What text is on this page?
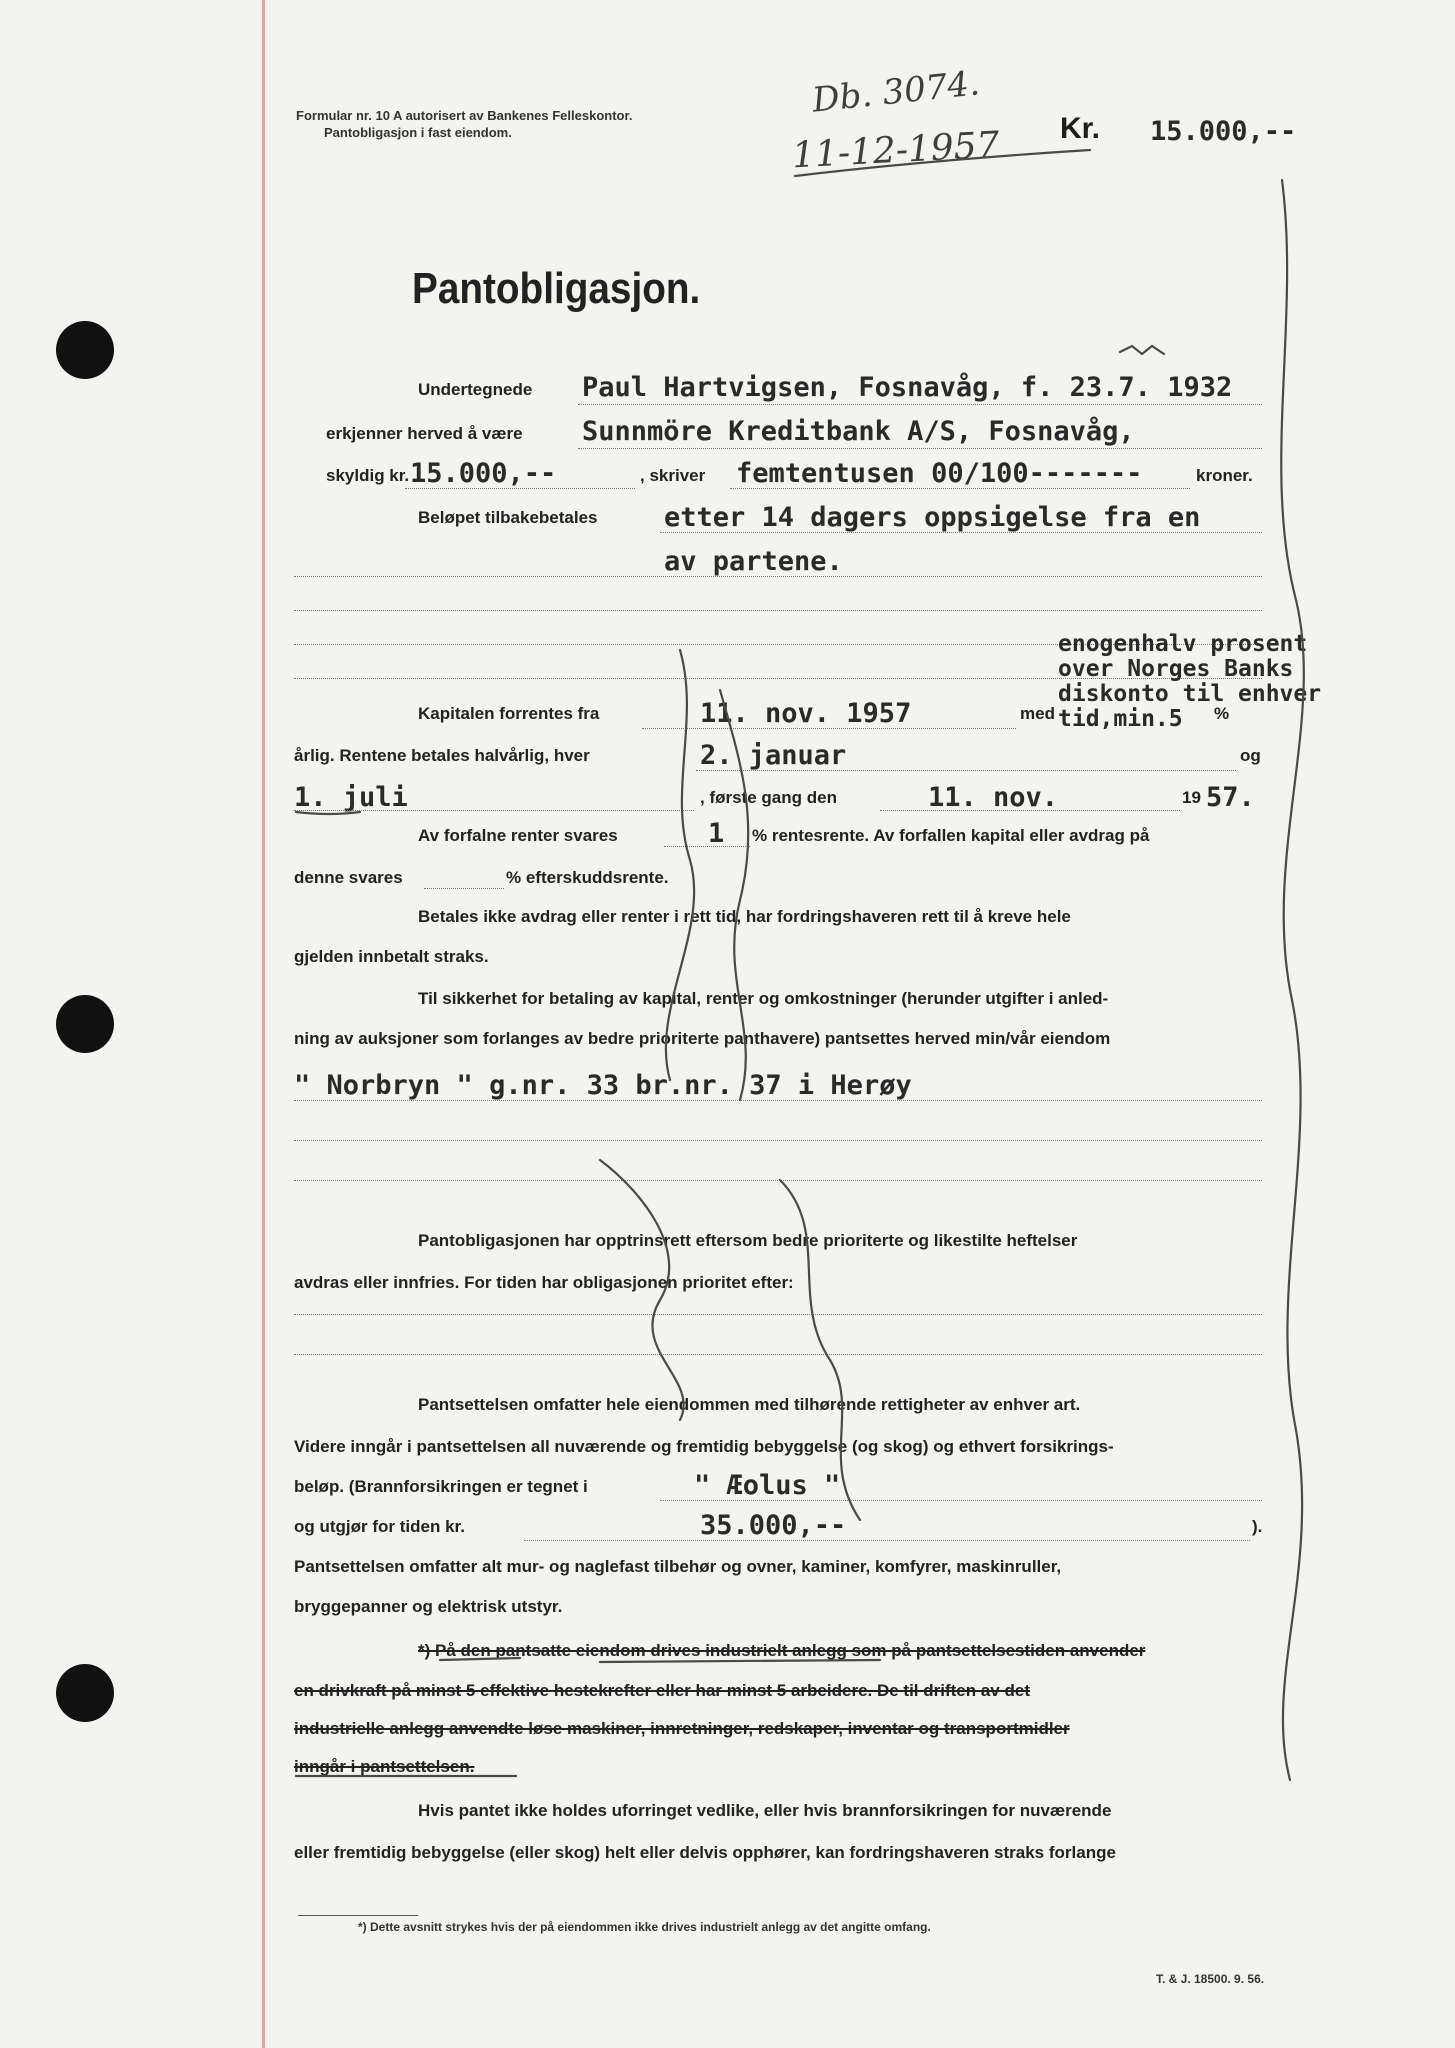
Formular nr. 10 A autorisert av Bankenes Felleskontor.
Pantobligasjon i fast eiendom.
Db. 3074.
11-12-1957 Kr. 15.000,--
Pantobligasjon.
Undertegnede Paul Hartvigsen, Fosnavåg, f. 23.7. 1932
erkjenner herved å være Sunnmöre Kreditbank A/S, Fosnavåg,
skyldig kr. 15.000,--	, skriver femtentusen 00/100-------	kroner.
Beløpet tilbakebetales etter 14 dagers oppsigelse fra en
av partene.
enogenhalv prosent
over Norges Banks
diskonto til enhver
tid,min.5
Kapitalen forrentes fra	11. nov. 1957	med	%
årlig. Rentene betales halvårlig, hver	2. januar	og
1. juli	, første gang den	11. nov.	19 57.
Av forfalne renter svares	1 % rentesrente. Av forfallen kapital eller avdrag på
denne svares	% efterskuddsrente.
Betales ikke avdrag eller renter i rett tid, har fordringshaveren rett til å kreve hele
gjelden innbetalt straks.
Til sikkerhet for betaling av kapital, renter og omkostninger (herunder utgifter i anled-
ning av auksjoner som forlanges av bedre prioriterte panthavere) pantsettes herved min/vår eiendom
" Norbryn " g.nr. 33 br.nr. 37 i Herøy
Pantobligasjonen har opptrinsrett eftersom bedre prioriterte og likestilte heftelser
avdras eller innfries. For tiden har obligasjonen prioritet efter:
Pantsettelsen omfatter hele eiendommen med tilhørende rettigheter av enhver art.
Videre inngår i pantsettelsen all nuværende og fremtidig bebyggelse (og skog) og ethvert forsikrings-
beløp. (Brannforsikringen er tegnet i	" Æolus "
og utgjør for tiden kr.	35.000,--	).
Pantsettelsen omfatter alt mur- og naglefast tilbehør og ovner, kaminer, komfyrer, maskinruller,
bryggepanner og elektrisk utstyr.
*) På den pantsatte eiendom drives industrielt anlegg som på pantsettelsestiden anvender
en drivkraft på minst 5 effektive hestekrefter eller har minst 5 arbeidere. De til driften av det
industrielle anlegg anvendte løse maskiner, innretninger, redskaper, inventar og transportmidler
inngår i pantsettelsen.
Hvis pantet ikke holdes uforringet vedlike, eller hvis brannforsikringen for nuværende
eller fremtidig bebyggelse (eller skog) helt eller delvis opphører, kan fordringshaveren straks forlange
*) Dette avsnitt strykes hvis der på eiendommen ikke drives industrielt anlegg av det angitte omfang.
T. & J. 18500. 9. 56.
